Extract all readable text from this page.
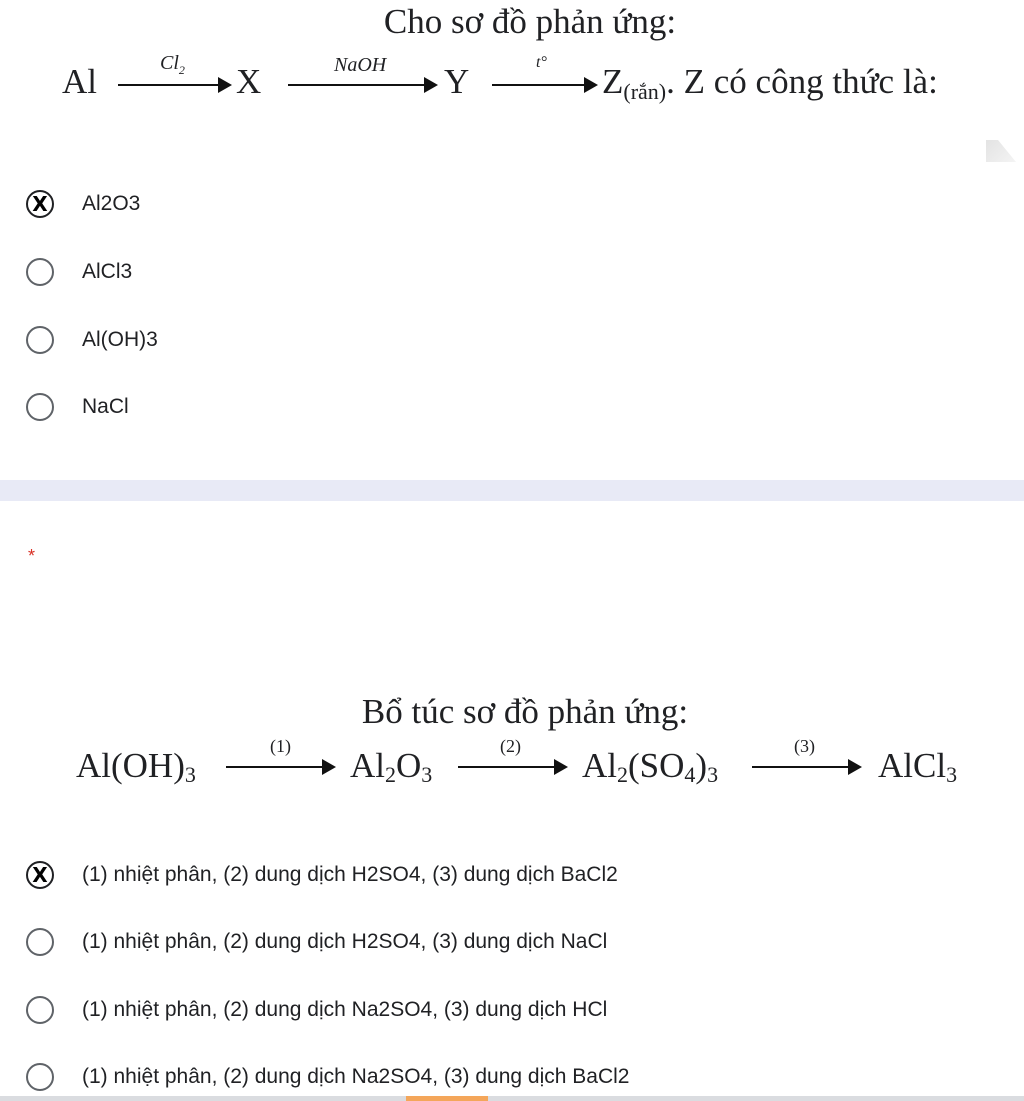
Cho sơ đồ phản ứng:
Al	$Cl_2$ X	NaOH Y	t° $Z_{(rắn)}$. Z có công thức là:
X Al2O3
AlCl3
Al(OH)3
NaCl
*
Bổ túc sơ đồ phản ứng:
$Al(OH)_3$
(1) $Al_2O_3$
(2) $Al_2(SO_4)_3$
(3) AlCl$_3$
X (1) nhiệt phân, (2) dung dịch H2SO4, (3) dung dịch BaCl2
(1) nhiệt phân, (2) dung dịch H2SO4, (3) dung dịch NaCl
(1) nhiệt phân, (2) dung dịch Na2SO4, (3) dung dịch HCl
(1) nhiệt phân, (2) dung dịch Na2SO4, (3) dung dịch BaCl2
